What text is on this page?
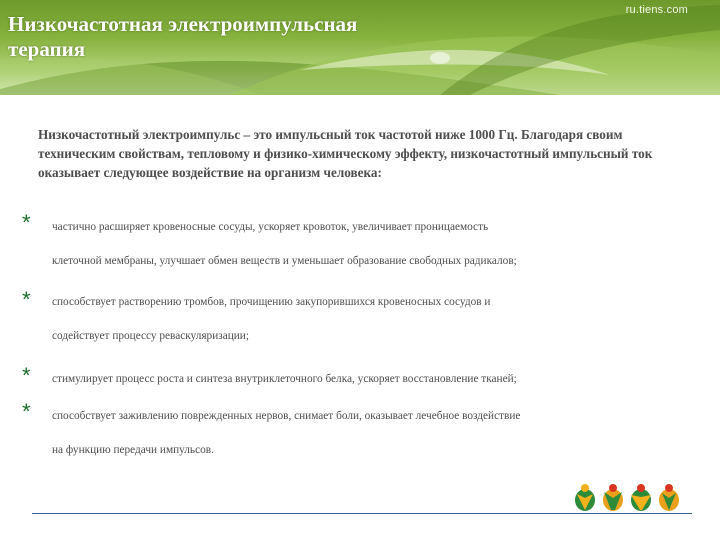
ru.tiens.com
Низкочастотная электроимпульсная терапия

Низкочастотный электроимпульс – это импульсный ток частотой ниже 1000 Гц. Благодаря своим техническим свойствам, тепловому и физико-химическому эффекту, низкочастотный импульсный ток оказывает следующее воздействие на организм человека:

* частично расширяет кровеносные сосуды, ускоряет кровоток, увеличивает проницаемость
клеточной мембраны, улучшает обмен веществ и уменьшает образование свободных радикалов;
* способствует растворению тромбов, прочищению закупорившихся кровеносных сосудов и
содействует процессу реваскуляризации;
* стимулирует процесс роста и синтеза внутриклеточного белка, ускоряет восстановление тканей;
* способствует заживлению поврежденных нервов, снимает боли, оказывает лечебное воздействие
на функцию передачи импульсов.
